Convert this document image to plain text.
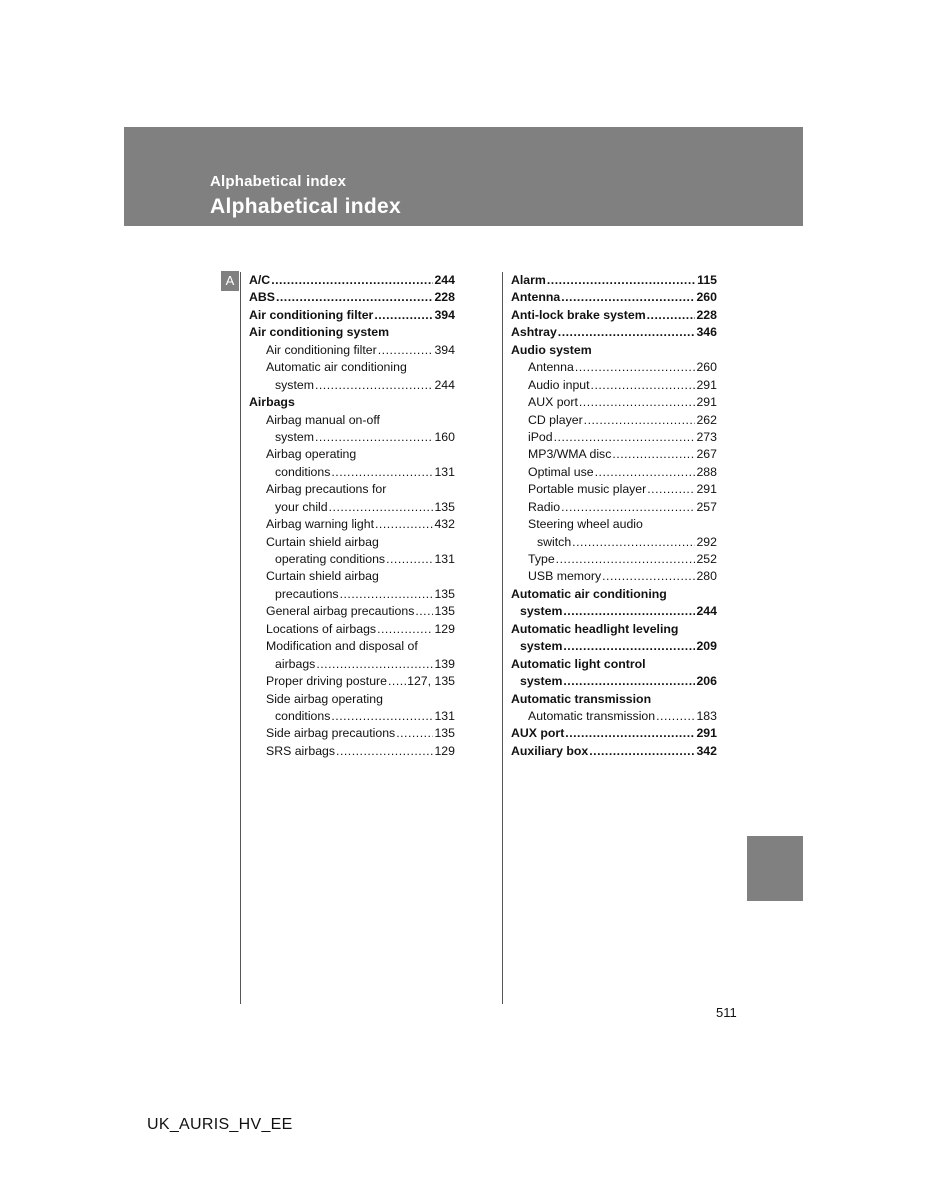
Alphabetical index
Alphabetical index
A	A/C .....	244
ABS .....	228
Air conditioning filter .....	394
Air conditioning system
Air conditioning filter .....	394
Automatic air conditioning
system .....	244
Airbags
Airbag manual on-off
system .....	160
Airbag operating
conditions .....	131
Airbag precautions for
your child .....	135
Airbag warning light .....	432
Curtain shield airbag
operating conditions .....	131
Curtain shield airbag
precautions .....	135
General airbag precautions ..... 135
Locations of airbags .....	129
Modification and disposal of
airbags .....	139
Proper driving posture ..... 127, 135
Side airbag operating
conditions .....	131
Side airbag precautions .....	135
SRS airbags .....	129
Alarm .....	115
Antenna .....	260
Anti-lock brake system .....	228
Ashtray .....	346
Audio system
Antenna .....	260
Audio input .....	291
AUX port .....	291
CD player .....	262
iPod .....	273
MP3/WMA disc .....	267
Optimal use .....	288
Portable music player .....	291
Radio .....	257
Steering wheel audio
switch .....	292
Type .....	252
USB memory .....	280
Automatic air conditioning
system .....	244
Automatic headlight leveling
system .....	209
Automatic light control
system .....	206
Automatic transmission
Automatic transmission .....	183
AUX port .....	291
Auxiliary box .....	342
511
UK_AURIS_HV_EE
